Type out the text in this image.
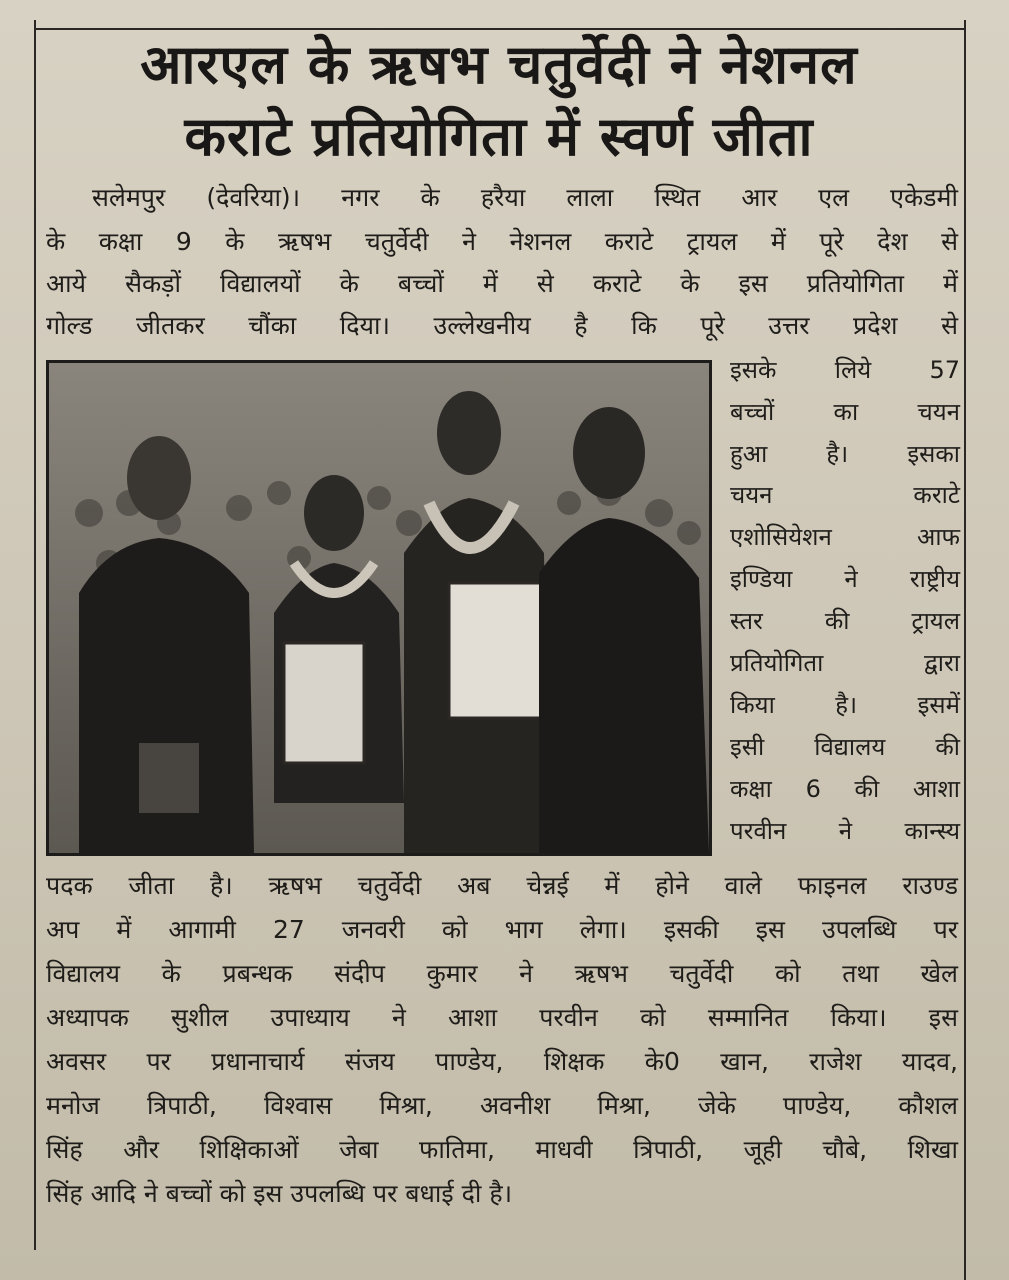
आरएल के ऋषभ चतुर्वेदी ने नेशनल
कराटे प्रतियोगिता में स्वर्ण जीता
सलेमपुर (देवरिया)। नगर के हरैया लाला स्थित आर एल एकेडमी
के कक्षा 9 के ऋषभ चतुर्वेदी ने नेशनल कराटे ट्रायल में पूरे देश से
आये सैकड़ों विद्यालयों के बच्चों में से कराटे के इस प्रतियोगिता में
गोल्ड जीतकर चौंका दिया। उल्लेखनीय है कि पूरे उत्तर प्रदेश से
इसके लिये 57
बच्चों का चयन
हुआ है। इसका
चयन कराटे
एशोसियेशन आफ
इण्डिया ने राष्ट्रीय
स्तर की ट्रायल
प्रतियोगिता द्वारा
किया है। इसमें
इसी विद्यालय की
कक्षा 6 की आशा
परवीन ने कान्स्य
पदक जीता है। ऋषभ चतुर्वेदी अब चेन्नई में होने वाले फाइनल राउण्ड
अप में आगामी 27 जनवरी को भाग लेगा। इसकी इस उपलब्धि पर
विद्यालय के प्रबन्धक संदीप कुमार ने ऋषभ चतुर्वेदी को तथा खेल
अध्यापक सुशील उपाध्याय ने आशा परवीन को सम्मानित किया। इस
अवसर पर प्रधानाचार्य संजय पाण्डेय, शिक्षक के0 खान, राजेश यादव,
मनोज त्रिपाठी, विश्वास मिश्रा, अवनीश मिश्रा, जेके पाण्डेय, कौशल
सिंह और शिक्षिकाओं जेबा फातिमा, माधवी त्रिपाठी, जूही चौबे, शिखा
सिंह आदि ने बच्चों को इस उपलब्धि पर बधाई दी है।
